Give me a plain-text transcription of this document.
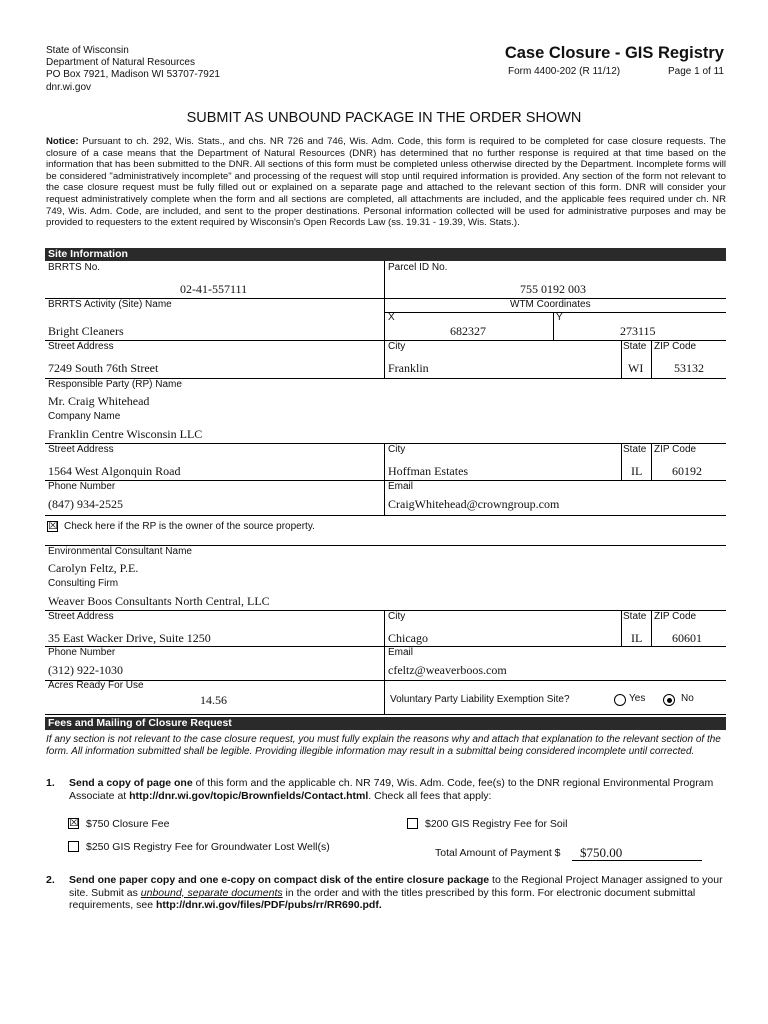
State of Wisconsin
Department of Natural Resources
PO Box 7921, Madison WI 53707-7921
dnr.wi.gov
Case Closure - GIS Registry
Form 4400-202 (R 11/12)	Page 1 of 11
SUBMIT AS UNBOUND PACKAGE IN THE ORDER SHOWN
Notice: Pursuant to ch. 292, Wis. Stats., and chs. NR 726 and 746, Wis. Adm. Code, this form is required to be completed for case closure requests. The closure of a case means that the Department of Natural Resources (DNR) has determined that no further response is required at that time based on the information that has been submitted to the DNR. All sections of this form must be completed unless otherwise directed by the Department. Incomplete forms will be considered "administratively incomplete" and processing of the request will stop until required information is provided. Any section of the form not relevant to the case closure request must be fully filled out or explained on a separate page and attached to the relevant section of this form. DNR will consider your request administratively complete when the form and all sections are completed, all attachments are included, and the applicable fees required under ch. NR 749, Wis. Adm. Code, are included, and sent to the proper destinations. Personal information collected will be used for administrative purposes and may be provided to requesters to the extent required by Wisconsin's Open Records Law (ss. 19.31 - 19.39, Wis. Stats.).
Site Information
BRRTS No.
02-41-557111
Parcel ID No.
755 0192 003
BRRTS Activity (Site) Name
Bright Cleaners
WTM Coordinates
X
682327
Y
273115
Street Address
7249 South 76th Street
City
Franklin
State
WI
ZIP Code
53132
Responsible Party (RP) Name
Mr. Craig Whitehead
Company Name
Franklin Centre Wisconsin LLC
Street Address
1564 West Algonquin Road
City
Hoffman Estates
State
IL
ZIP Code
60192
Phone Number
(847) 934-2525
Email
CraigWhitehead@crowngroup.com
☒ Check here if the RP is the owner of the source property.
Environmental Consultant Name
Carolyn Feltz, P.E.
Consulting Firm
Weaver Boos Consultants North Central, LLC
Street Address
35 East Wacker Drive, Suite 1250
City
Chicago
State
IL
ZIP Code
60601
Phone Number
(312) 922-1030
Email
cfeltz@weaverboos.com
Acres Ready For Use
14.56	Voluntary Party Liability Exemption Site?	Yes	No
Fees and Mailing of Closure Request
If any section is not relevant to the case closure request, you must fully explain the reasons why and attach that explanation to the relevant section of the form. All information submitted shall be legible. Providing illegible information may result in a submittal being considered incomplete until corrected.
1. Send a copy of page one of this form and the applicable ch. NR 749, Wis. Adm. Code, fee(s) to the DNR regional Environmental Program Associate at http://dnr.wi.gov/topic/Brownfields/Contact.html. Check all fees that apply:
☒ $750 Closure Fee	$200 GIS Registry Fee for Soil
$250 GIS Registry Fee for Groundwater Lost Well(s)	Total Amount of Payment $ $750.00
2. Send one paper copy and one e-copy on compact disk of the entire closure package to the Regional Project Manager assigned to your site. Submit as unbound, separate documents in the order and with the titles prescribed by this form. For electronic document submittal requirements, see http://dnr.wi.gov/files/PDF/pubs/rr/RR690.pdf.
